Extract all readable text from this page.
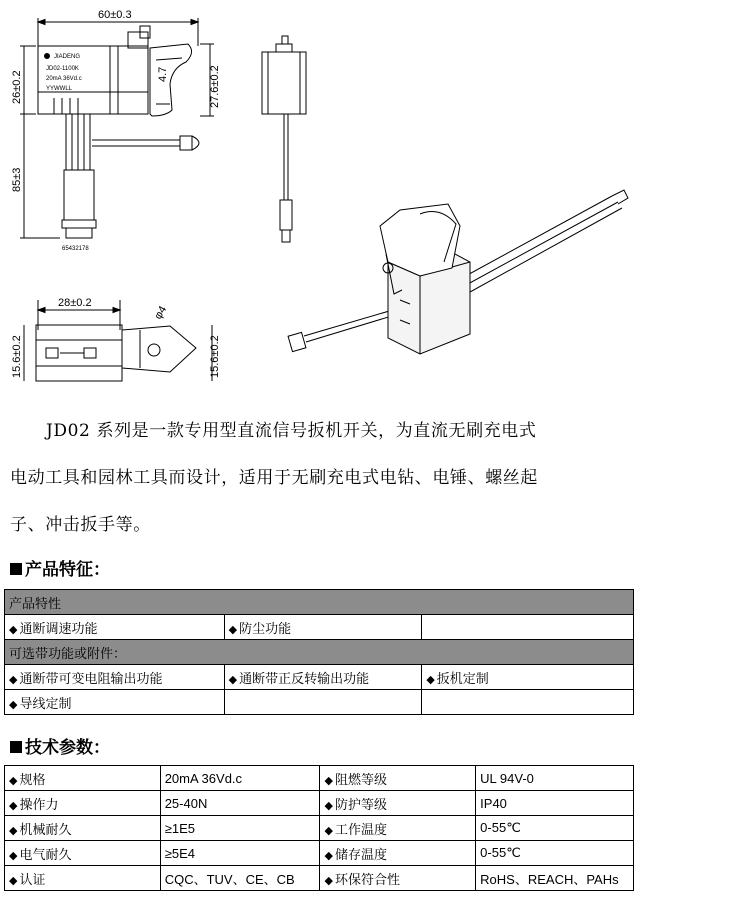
60±0.3
JIADENG
JD02-1100K
20mA 36Vd.c
YYWWLL
4.7
26±0.2	27.6±0.2
65432178
85±3
28±0.2
φ4
15.6±0.2	15.6±0.2

JD02 系列是一款专用型直流信号扳机开关，为直流无刷充电式

电动工具和园林工具而设计，适用于无刷充电式电钻、电锤、螺丝起

子、冲击扳手等。

产品特征：
产品特性		
◆ 通断调速功能	◆ 防尘功能	
可选带功能或附件：		
◆ 通断带可变电阻输出功能	◆ 通断带正反转输出功能	◆ 扳机定制
◆ 导线定制		
技术参数：
◆ 规格	20mA 36Vd.c	◆ 阻燃等级	UL 94V-0
◆ 操作力	25-40N	◆ 防护等级	IP40
◆ 机械耐久	≥1E5	◆ 工作温度	0-55℃
◆ 电气耐久	≥5E4	◆ 储存温度	0-55℃
◆ 认证	CQC、TUV、CE、CB	◆ 环保符合性	RoHS、REACH、PAHs
